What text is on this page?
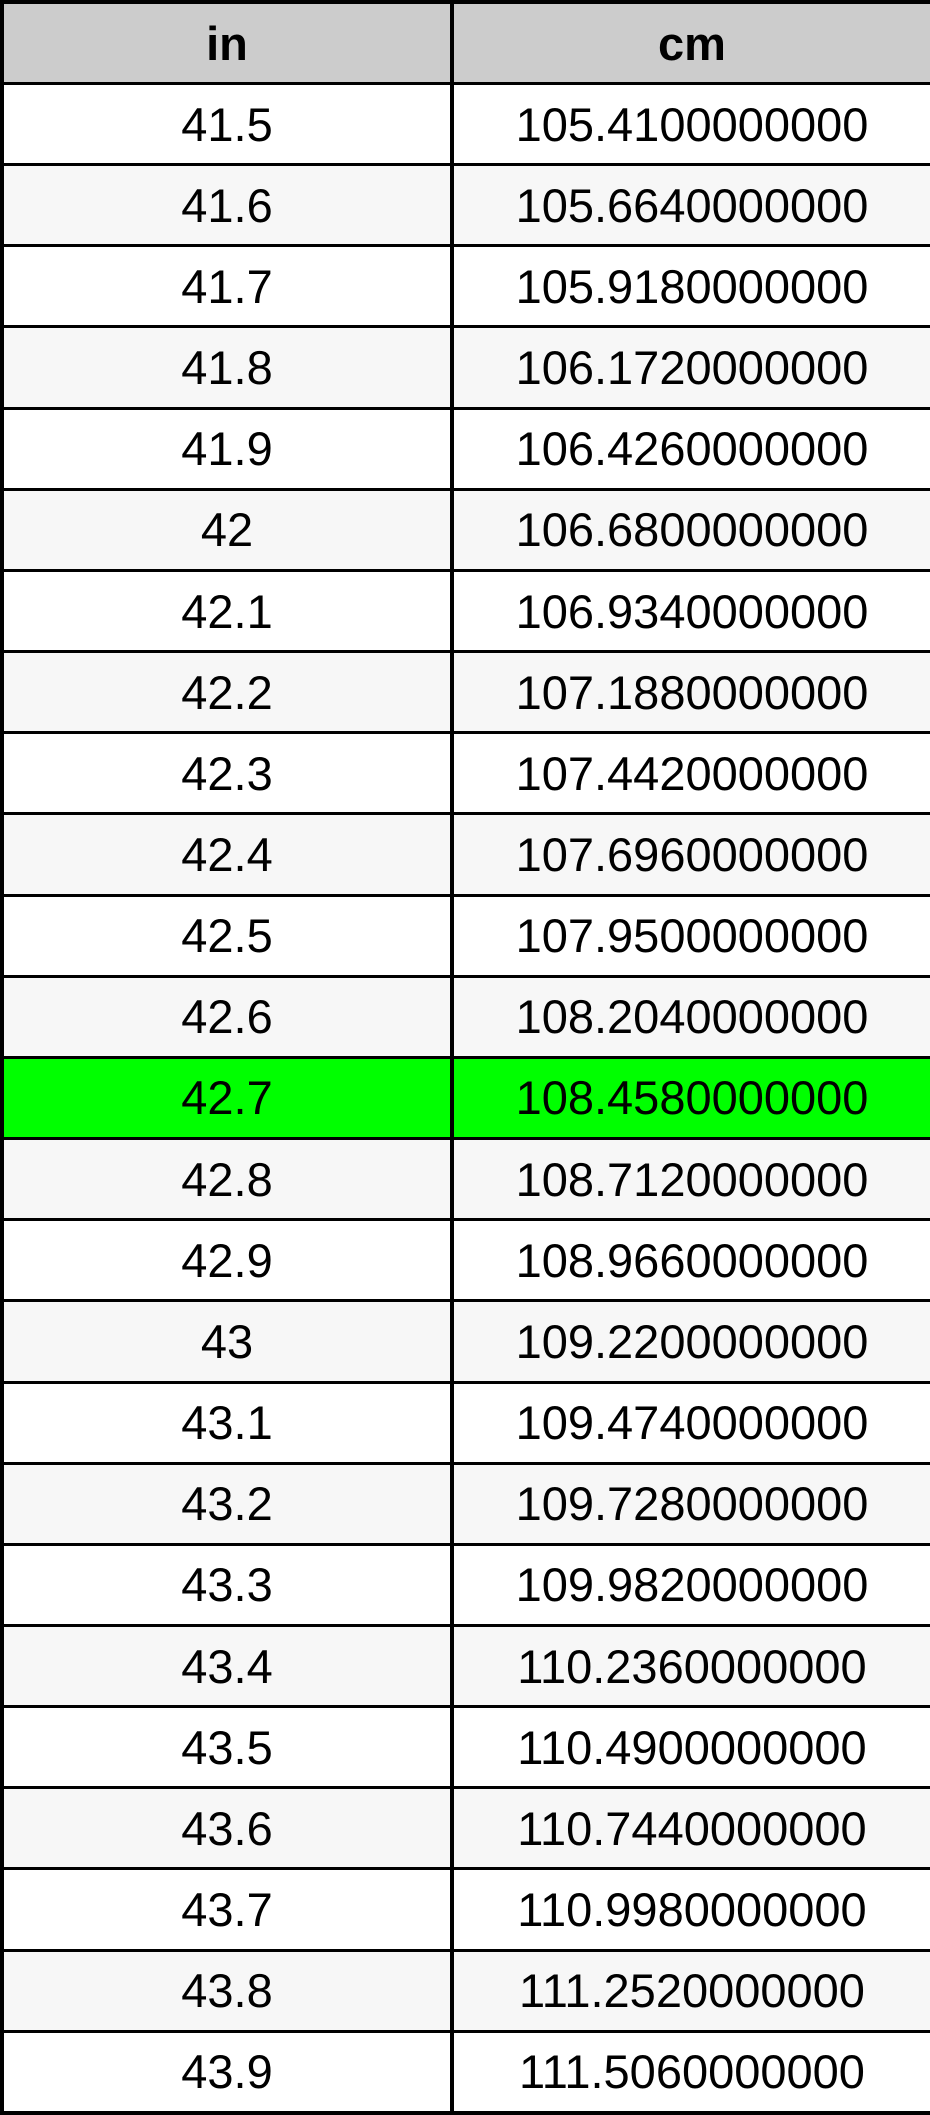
in	cm
41.5	105.4100000000
41.6	105.6640000000
41.7	105.9180000000
41.8	106.1720000000
41.9	106.4260000000
42	106.6800000000
42.1	106.9340000000
42.2	107.1880000000
42.3	107.4420000000
42.4	107.6960000000
42.5	107.9500000000
42.6	108.2040000000
42.7	108.4580000000
42.8	108.7120000000
42.9	108.9660000000
43	109.2200000000
43.1	109.4740000000
43.2	109.7280000000
43.3	109.9820000000
43.4	110.2360000000
43.5	110.4900000000
43.6	110.7440000000
43.7	110.9980000000
43.8	111.2520000000
43.9	111.5060000000
